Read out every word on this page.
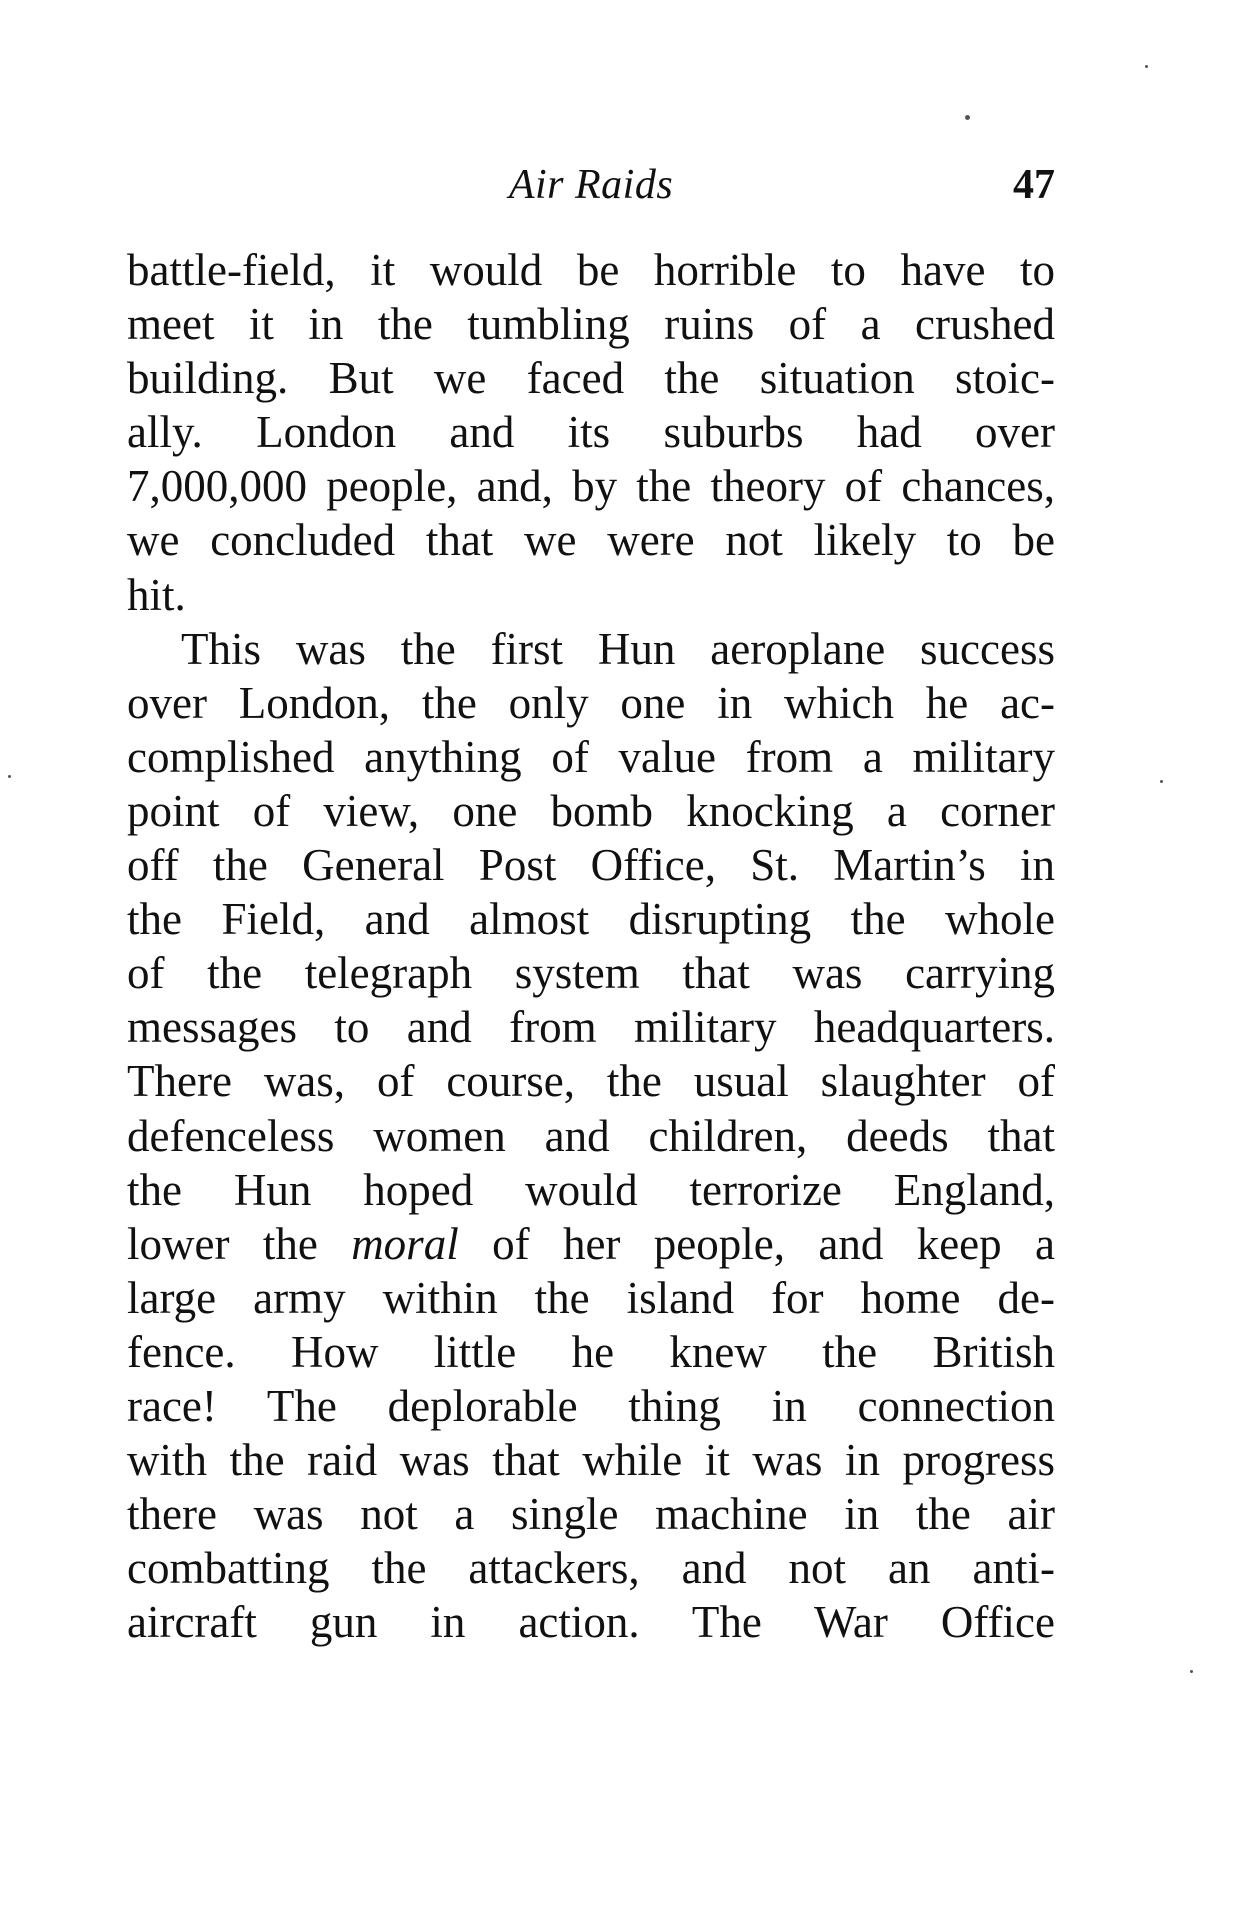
Air Raids	47

battle-field, it would be horrible to have to
meet it in the tumbling ruins of a crushed
building. But we faced the situation stoic-
ally. London and its suburbs had over
7,000,000 people, and, by the theory of chances,
we concluded that we were not likely to be
hit.

This was the first Hun aeroplane success
over London, the only one in which he ac-
complished anything of value from a military
point of view, one bomb knocking a corner
off the General Post Office, St. Martin’s in
the Field, and almost disrupting the whole
of the telegraph system that was carrying
messages to and from military headquarters.
There was, of course, the usual slaughter of
defenceless women and children, deeds that
the Hun hoped would terrorize England,
lower the moral of her people, and keep a
large army within the island for home de-
fence. How little he knew the British
race! The deplorable thing in connection
with the raid was that while it was in progress
there was not a single machine in the air
combatting the attackers, and not an anti-
aircraft gun in action. The War Office
